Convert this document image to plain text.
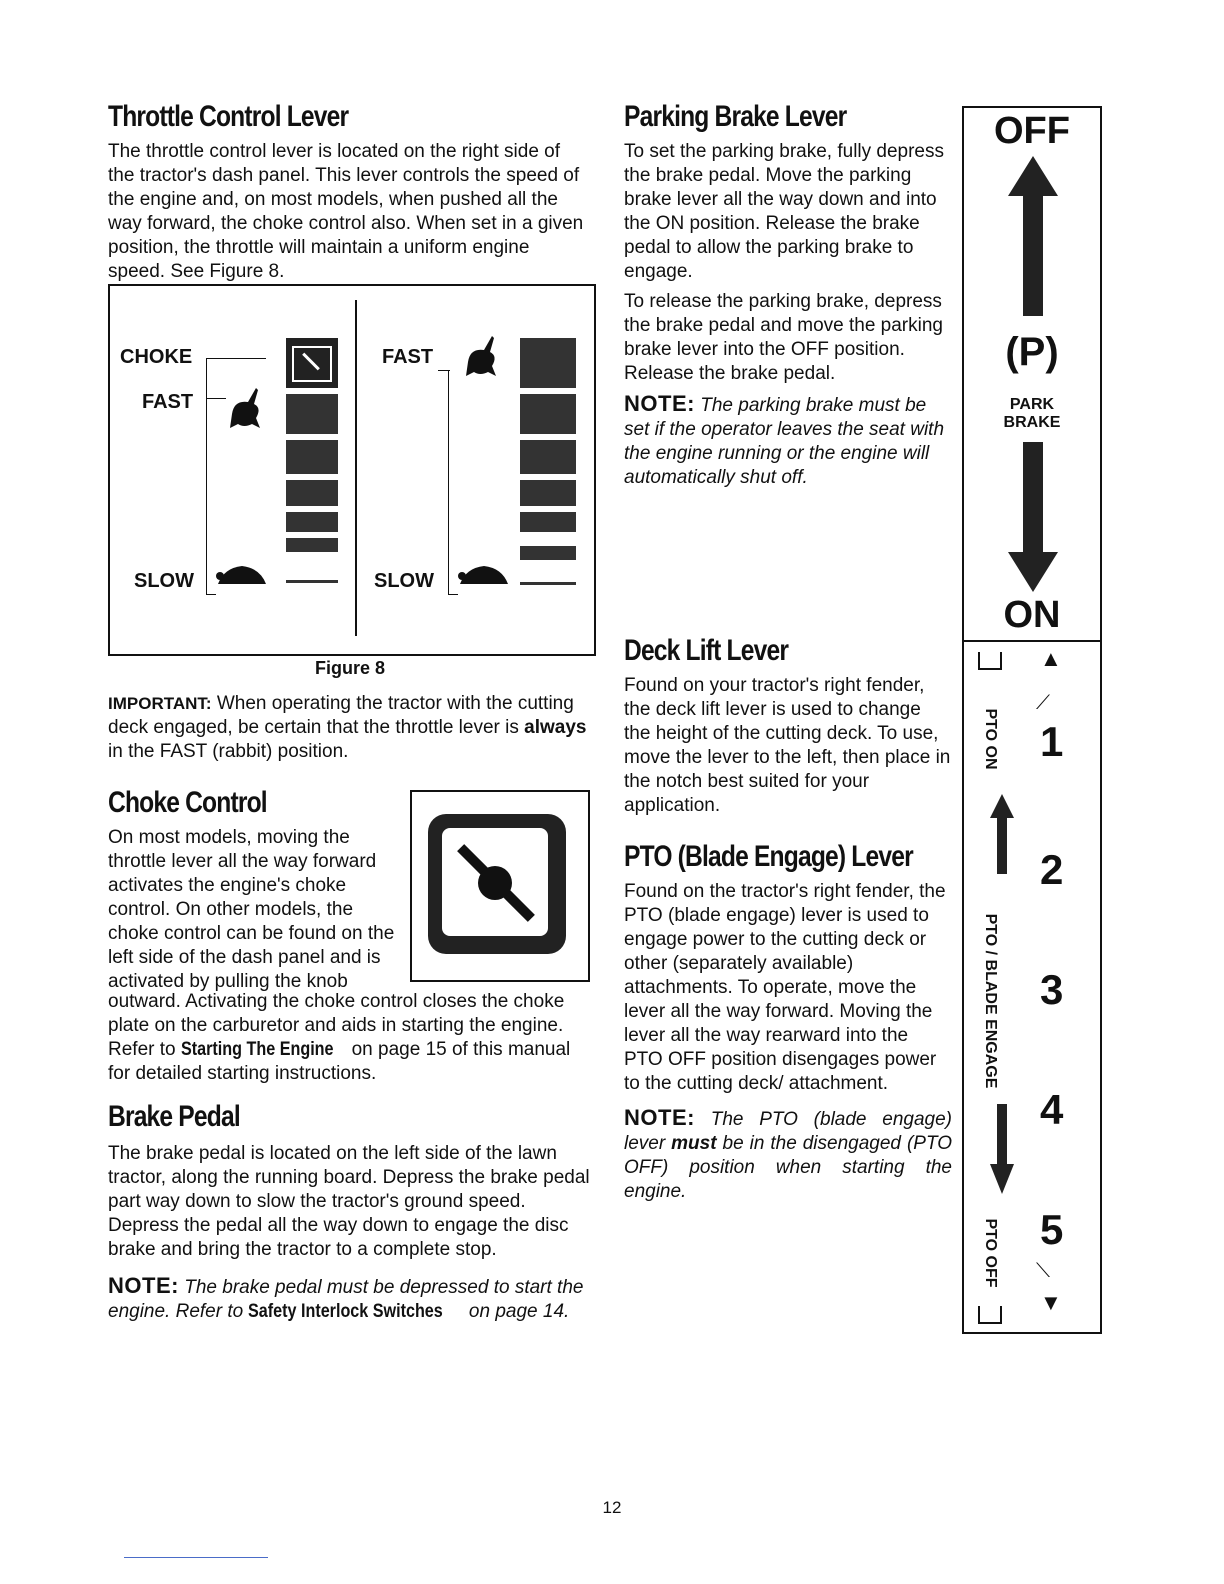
Throttle Control Lever

The throttle control lever is located on the right side of the tractor's dash panel. This lever controls the speed of the engine and, on most models, when pushed all the way forward, the choke control also. When set in a given position, the throttle will maintain a uniform engine speed. See Figure 8.

CHOKE
FAST
SLOW
FAST
SLOW
Figure 8

IMPORTANT: When operating the tractor with the cutting deck engaged, be certain that the throttle lever is always in the FAST (rabbit) position.

Choke Control

On most models, moving the throttle lever all the way forward activates the engine's choke control. On other models, the choke control can be found on the left side of the dash panel and is activated by pulling the knob

outward. Activating the choke control closes the choke plate on the carburetor and aids in starting the engine. Refer to Starting The Engine on page 15 of this manual for detailed starting instructions.

Brake Pedal

The brake pedal is located on the left side of the lawn tractor, along the running board. Depress the brake pedal part way down to slow the tractor's ground speed. Depress the pedal all the way down to engage the disc brake and bring the tractor to a complete stop.

NOTE: The brake pedal must be depressed to start the engine. Refer to Safety Interlock Switches on page 14.

Parking Brake Lever

To set the parking brake, fully depress the brake pedal. Move the parking brake lever all the way down and into the ON position. Release the brake pedal to allow the parking brake to engage.

To release the parking brake, depress the brake pedal and move the parking brake lever into the OFF position. Release the brake pedal.

NOTE: The parking brake must be set if the operator leaves the seat with the engine running or the engine will automatically shut off.

Deck Lift Lever

Found on your tractor's right fender, the deck lift lever is used to change the height of the cutting deck. To use, move the lever to the left, then place in the notch best suited for your application.

PTO (Blade Engage) Lever

Found on the tractor's right fender, the PTO (blade engage) lever is used to engage power to the cutting deck or other (separately available) attachments. To operate, move the lever all the way forward. Moving the lever all the way rearward into the PTO OFF position disengages power to the cutting deck/ attachment.

NOTE: The PTO (blade engage) lever must be in the disengaged (PTO OFF) position when starting the engine.

OFF
(P)
PARK
BRAKE
ON
▲
PTO ON
⟋
1
PTO / BLADE ENGAGE
2
3
4
5
PTO OFF ⟍
▼
12
